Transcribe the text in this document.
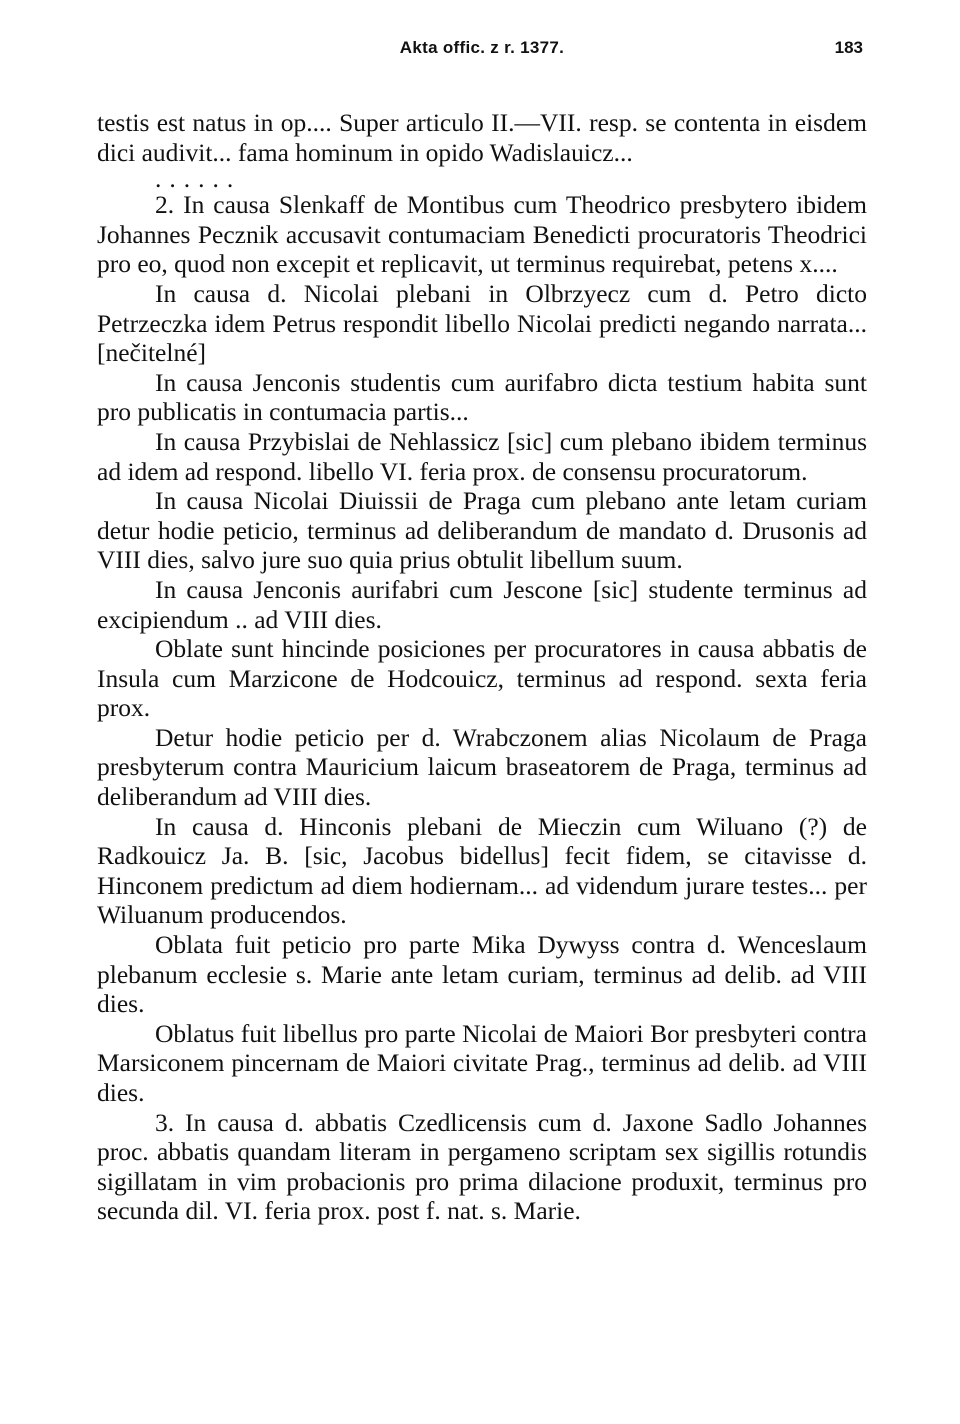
Akta offic. z r. 1377.	183

testis est natus in op.... Super articulo II.—VII. resp. se contenta in eisdem dici audivit... fama hominum in opido Wadislauicz...

......

2. In causa Slenkaff de Montibus cum Theodrico presbytero ibidem Johannes Pecznik accusavit contumaciam Benedicti procuratoris Theodrici pro eo, quod non excepit et replicavit, ut terminus requirebat, petens x....

In causa d. Nicolai plebani in Olbrzyecz cum d. Petro dicto Petrzeczka idem Petrus respondit libello Nicolai predicti negando narrata... [nečitelné]

In causa Jenconis studentis cum aurifabro dicta testium habita sunt pro publicatis in contumacia partis...

In causa Przybislai de Nehlassicz [sic] cum plebano ibidem terminus ad idem ad respond. libello VI. feria prox. de consensu procuratorum.

In causa Nicolai Diuissii de Praga cum plebano ante letam curiam detur hodie peticio, terminus ad deliberandum de mandato d. Drusonis ad VIII dies, salvo jure suo quia prius obtulit libellum suum.

In causa Jenconis aurifabri cum Jescone [sic] studente terminus ad excipiendum .. ad VIII dies.

Oblate sunt hincinde posiciones per procuratores in causa abbatis de Insula cum Marzicone de Hodcouicz, terminus ad respond. sexta feria prox.

Detur hodie peticio per d. Wrabczonem alias Nicolaum de Praga presbyterum contra Mauricium laicum braseatorem de Praga, terminus ad deliberandum ad VIII dies.

In causa d. Hinconis plebani de Mieczin cum Wiluano (?) de Radkouicz Ja. B. [sic, Jacobus bidellus] fecit fidem, se citavisse d. Hinconem predictum ad diem hodiernam... ad videndum jurare testes... per Wiluanum producendos.

Oblata fuit peticio pro parte Mika Dywyss contra d. Wenceslaum plebanum ecclesie s. Marie ante letam curiam, terminus ad delib. ad VIII dies.

Oblatus fuit libellus pro parte Nicolai de Maiori Bor presbyteri contra Marsiconem pincernam de Maiori civitate Prag., terminus ad delib. ad VIII dies.

3. In causa d. abbatis Czedlicensis cum d. Jaxone Sadlo Johannes proc. abbatis quandam literam in pergameno scriptam sex sigillis rotundis sigillatam in vim probacionis pro prima dilacione produxit, terminus pro secunda dil. VI. feria prox. post f. nat. s. Marie.
